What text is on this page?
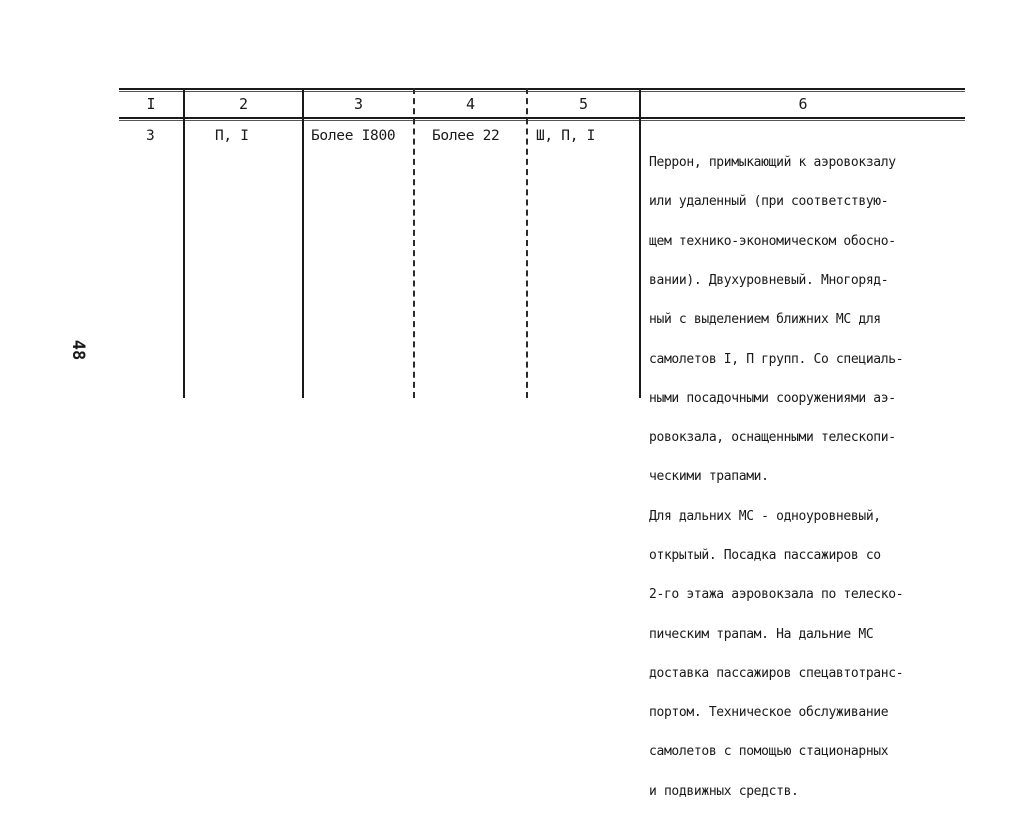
48
I	2	3	4	5	6
3	П, I	Более I800	Более 22	Ш, П, I

Перрон, примыкающий к аэровокзалу

или удаленный (при соответствую-

щем технико-экономическом обосно-

вании). Двухуровневый. Многоряд-

ный с выделением ближних МС для

самолетов I, П групп. Со специаль-

ными посадочными сооружениями аэ-

ровокзала, оснащенными телескопи-

ческими трапами.

Для дальних МС - одноуровневый,

открытый. Посадка пассажиров со

2-го этажа аэровокзала по телеско-

пическим трапам. На дальние МС

доставка пассажиров спецавтотранс-

портом. Техническое обслуживание

самолетов с помощью стационарных

и подвижных средств.
